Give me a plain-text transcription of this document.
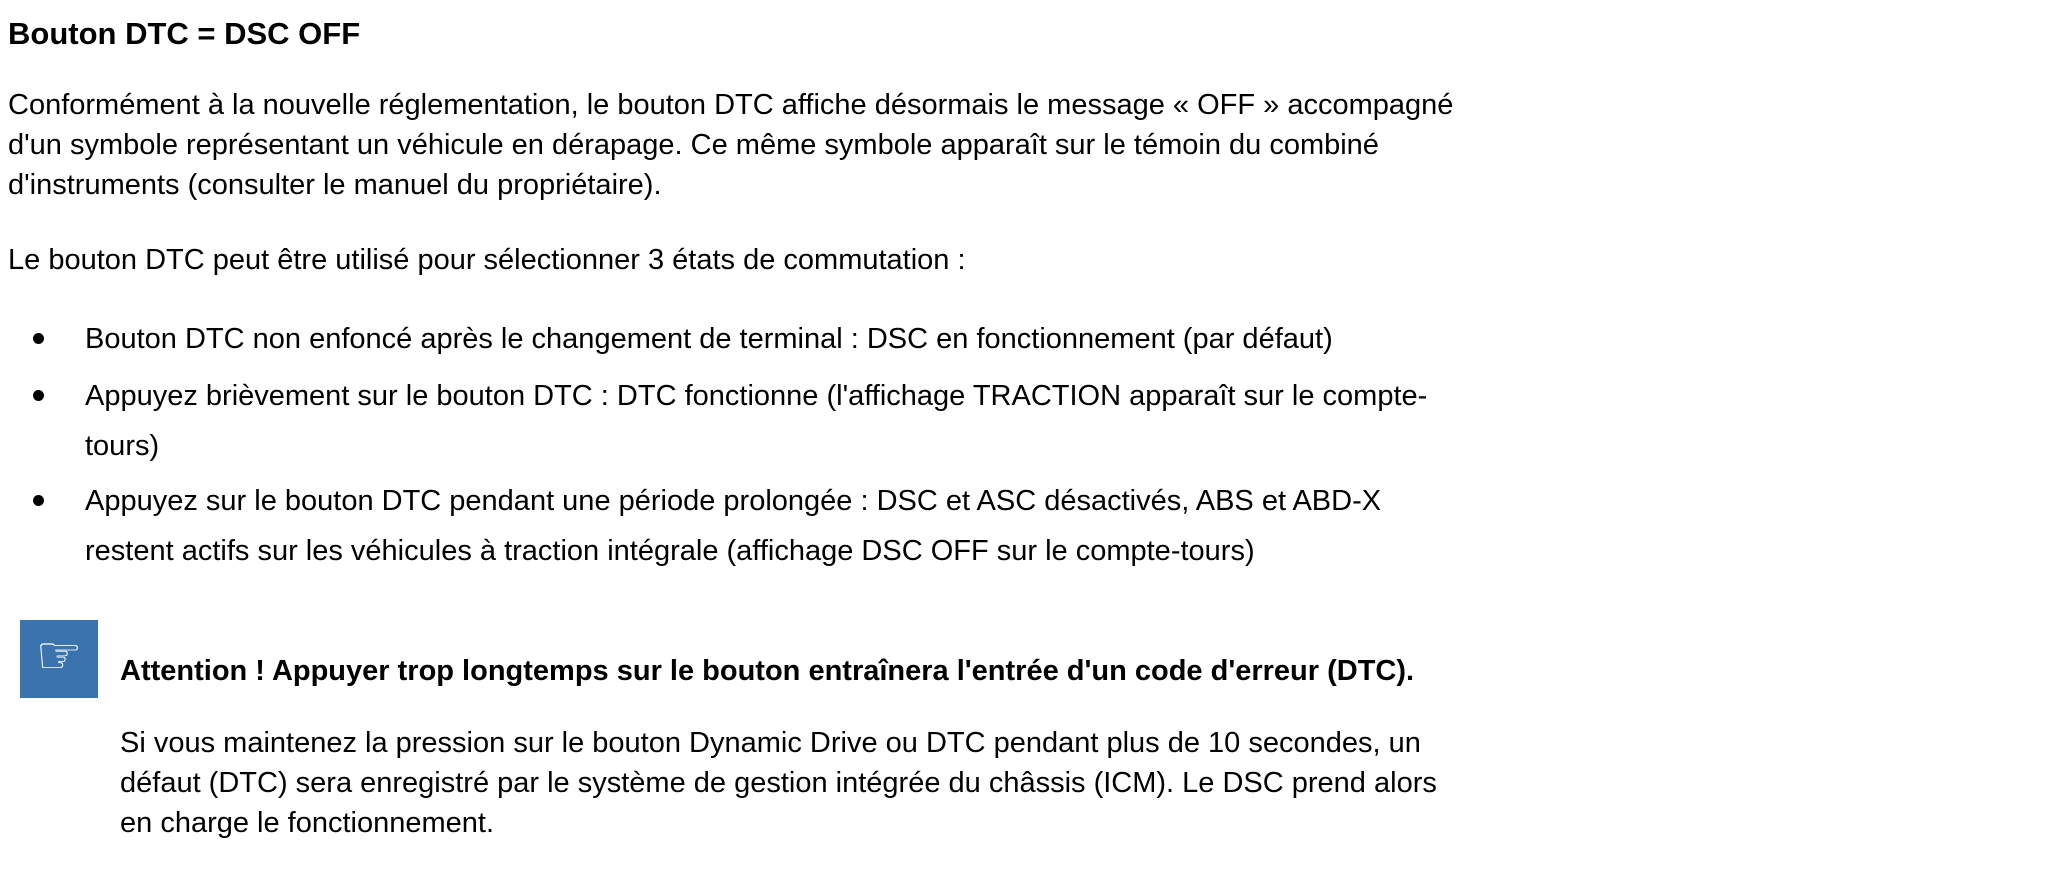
Bouton DTC = DSC OFF
Conformément à la nouvelle réglementation, le bouton DTC affiche désormais le message « OFF » accompagné
d'un symbole représentant un véhicule en dérapage. Ce même symbole apparaît sur le témoin du combiné
d'instruments (consulter le manuel du propriétaire).
Le bouton DTC peut être utilisé pour sélectionner 3 états de commutation :
Bouton DTC non enfoncé après le changement de terminal : DSC en fonctionnement (par défaut)
Appuyez brièvement sur le bouton DTC : DTC fonctionne (l'affichage TRACTION apparaît sur le compte-
tours)
Appuyez sur le bouton DTC pendant une période prolongée : DSC et ASC désactivés, ABS et ABD-X
restent actifs sur les véhicules à traction intégrale (affichage DSC OFF sur le compte-tours)
☞ Attention ! Appuyer trop longtemps sur le bouton entraînera l'entrée d'un code d'erreur (DTC).
Si vous maintenez la pression sur le bouton Dynamic Drive ou DTC pendant plus de 10 secondes, un
défaut (DTC) sera enregistré par le système de gestion intégrée du châssis (ICM). Le DSC prend alors
en charge le fonctionnement.
